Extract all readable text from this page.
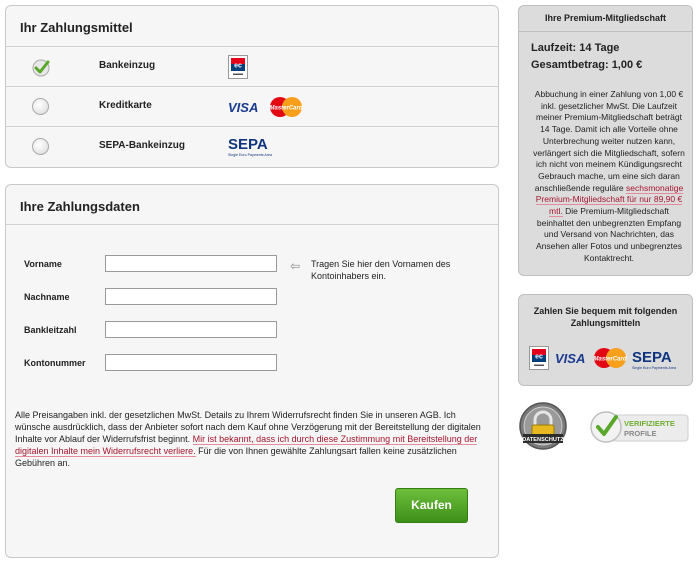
Ihr Zahlungsmittel
Bankeinzug	ec
Kreditkarte	VISA MasterCard
SEPA-Bankeinzug	SEPA
Single Euro Payments Area
Ihre Zahlungsdaten
Vorname
Nachname
Bankleitzahl
Kontonummer
⇦ Tragen Sie hier den Vornamen des Kontoinhabers ein.
Alle Preisangaben inkl. der gesetzlichen MwSt. Details zu Ihrem Widerrufsrecht finden Sie in unseren AGB. Ich wünsche ausdrücklich, dass der Anbieter sofort nach dem Kauf ohne Verzögerung mit der Bereitstellung der digitalen Inhalte vor Ablauf der Widerrufsfrist beginnt. Mir ist bekannt, dass ich durch diese Zustimmung mit Bereitstellung der digitalen Inhalte mein Widerrufsrecht verliere. Für die von Ihnen gewählte Zahlungsart fallen keine zusätzlichen Gebühren an.
Kaufen
Ihre Premium-Mitgliedschaft
Laufzeit: 14 Tage
Gesamtbetrag: 1,00 €
Abbuchung in einer Zahlung von 1,00 € inkl. gesetzlicher MwSt. Die Laufzeit meiner Premium-Mitgliedschaft beträgt 14 Tage. Damit ich alle Vorteile ohne Unterbrechung weiter nutzen kann, verlängert sich die Mitgliedschaft, sofern ich nicht von meinem Kündigungsrecht Gebrauch mache, um eine sich daran anschließende reguläre sechsmonatige Premium-Mitgliedschaft für nur 89,90 € mtl. Die Premium-Mitgliedschaft beinhaltet den unbegrenzten Empfang und Versand von Nachrichten, das Ansehen aller Fotos und unbegrenztes Kontaktrecht.
Zahlen Sie bequem mit folgenden Zahlungsmitteln
ec VISA MasterCard SEPA
Single Euro Payments Area
DATENSCHUTZ
VERIFIZIERTE
PROFILE
